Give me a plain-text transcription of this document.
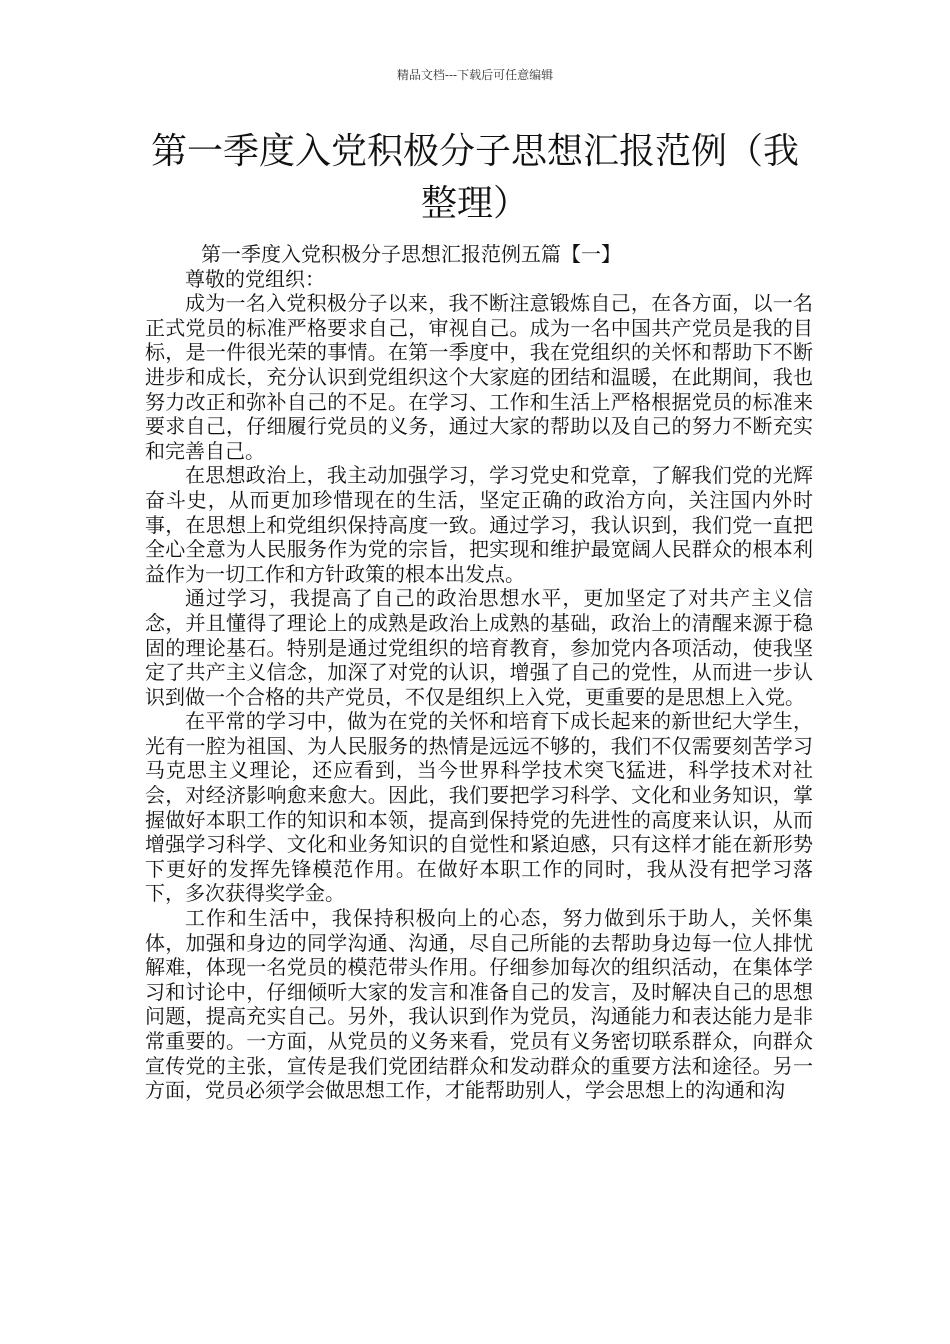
精品文档---下载后可任意编辑
第一季度入党积极分子思想汇报范例（我整理）

第一季度入党积极分子思想汇报范例五篇【一】

尊敬的党组织：

成为一名入党积极分子以来，我不断注意锻炼自己，在各方面，以一名正式党员的标准严格要求自己，审视自己。成为一名中国共产党员是我的目标，是一件很光荣的事情。在第一季度中，我在党组织的关怀和帮助下不断进步和成长，充分认识到党组织这个大家庭的团结和温暖，在此期间，我也努力改正和弥补自己的不足。在学习、工作和生活上严格根据党员的标准来要求自己，仔细履行党员的义务，通过大家的帮助以及自己的努力不断充实和完善自己。

在思想政治上，我主动加强学习，学习党史和党章，了解我们党的光辉奋斗史，从而更加珍惜现在的生活，坚定正确的政治方向，关注国内外时事，在思想上和党组织保持高度一致。通过学习，我认识到，我们党一直把全心全意为人民服务作为党的宗旨，把实现和维护最宽阔人民群众的根本利益作为一切工作和方针政策的根本出发点。

通过学习，我提高了自己的政治思想水平，更加坚定了对共产主义信念，并且懂得了理论上的成熟是政治上成熟的基础，政治上的清醒来源于稳固的理论基石。特别是通过党组织的培育教育，参加党内各项活动，使我坚定了共产主义信念，加深了对党的认识，增强了自己的党性，从而进一步认识到做一个合格的共产党员，不仅是组织上入党，更重要的是思想上入党。

在平常的学习中，做为在党的关怀和培育下成长起来的新世纪大学生，光有一腔为祖国、为人民服务的热情是远远不够的，我们不仅需要刻苦学习马克思主义理论，还应看到，当今世界科学技术突飞猛进，科学技术对社会，对经济影响愈来愈大。因此，我们要把学习科学、文化和业务知识，掌握做好本职工作的知识和本领，提高到保持党的先进性的高度来认识，从而增强学习科学、文化和业务知识的自觉性和紧迫感，只有这样才能在新形势下更好的发挥先锋模范作用。在做好本职工作的同时，我从没有把学习落下，多次获得奖学金。

工作和生活中，我保持积极向上的心态，努力做到乐于助人，关怀集体，加强和身边的同学沟通、沟通，尽自己所能的去帮助身边每一位人排忧解难，体现一名党员的模范带头作用。仔细参加每次的组织活动，在集体学习和讨论中，仔细倾听大家的发言和准备自己的发言，及时解决自己的思想问题，提高充实自己。另外，我认识到作为党员，沟通能力和表达能力是非常重要的。一方面，从党员的义务来看，党员有义务密切联系群众，向群众宣传党的主张，宣传是我们党团结群众和发动群众的重要方法和途径。另一方面，党员必须学会做思想工作，才能帮助别人，学会思想上的沟通和沟
